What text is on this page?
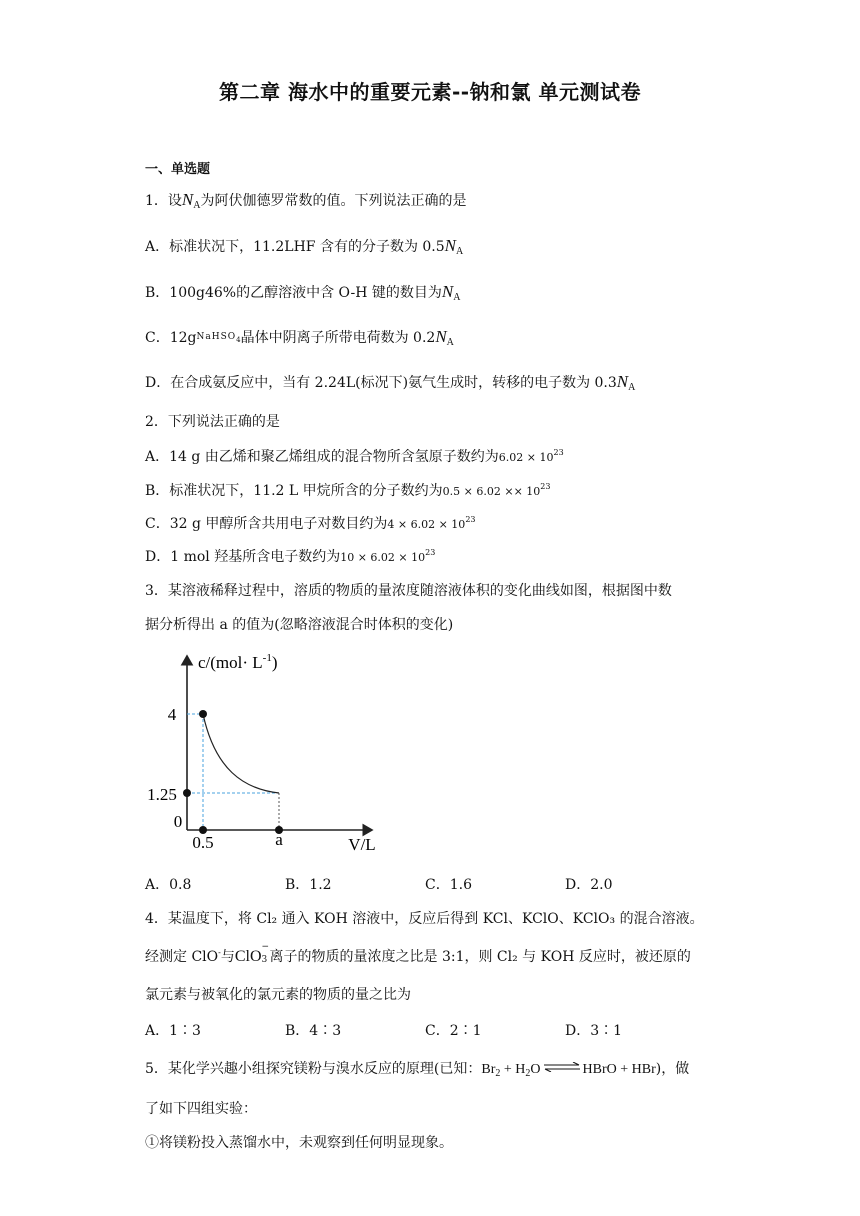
第二章 海水中的重要元素--钠和氯 单元测试卷
一、单选题
1．设$N_A$为阿伏伽德罗常数的值。下列说法正确的是
A．标准状况下，11.2LHF 含有的分子数为 $0.5N_A$
B．100g46%的乙醇溶液中含 O-H 键的数目为$N_A$
C．$12g^{NaHSO}4$晶体中阴离子所带电荷数为 $0.2N_A$
D．在合成氨反应中，当有 2.24L(标况下)氨气生成时，转移的电子数为 $0.3N_A$
2．下列说法正确的是
A．14 g 由乙烯和聚乙烯组成的混合物所含氢原子数约为$6.02 \times 10^{23}$
B．标准状况下，11.2 L 甲烷所含的分子数约为$0.5 \times 6.02 \times\times 10^{23}$
C．32 g 甲醇所含共用电子对数目约为$4 \times 6.02 \times 10^{23}$
D．1 mol 羟基所含电子数约为$10 \times 6.02 \times 10^{23}$
3．某溶液稀释过程中，溶质的物质的量浓度随溶液体积的变化曲线如图，根据图中数
据分析得出 a 的值为(忽略溶液混合时体积的变化)
$c/(mol\cdot L^{-1})$
4
1.25
0
0.5	a	V/L
A．0.8	B．1.2	C．1.6	D．2.0
4．某温度下，将 Cl₂ 通入 KOH 溶液中，反应后得到 KCl、KClO、KClO₃ 的混合溶液。
经测定 ClO-与ClO
−
3 离子的物质的量浓度之比是 3:1，则 Cl₂ 与 KOH 反应时，被还原的
氯元素与被氧化的氯元素的物质的量之比为
A．1∶3	B．4∶3	C．2∶1	D．3∶1
5．某化学兴趣小组探究镁粉与溴水反应的原理(已知：$Br_2 + H_2O$ ⇌ HBrO + HBr)，做
了如下四组实验：
①将镁粉投入蒸馏水中，未观察到任何明显现象。
